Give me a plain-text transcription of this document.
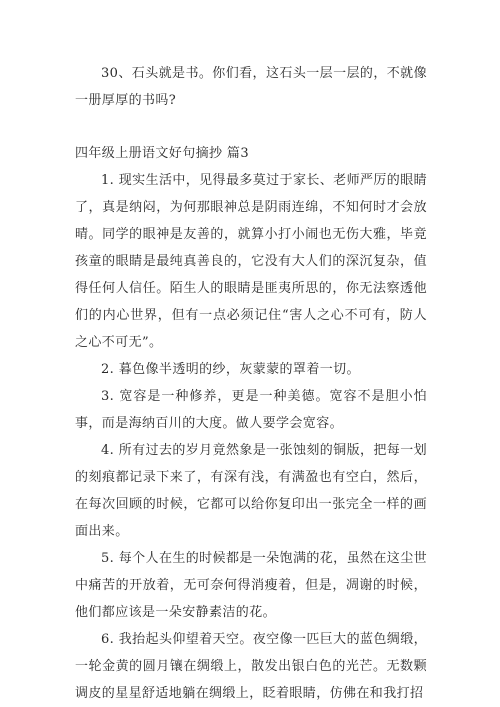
30、石头就是书。你们看，这石头一层一层的，不就像一册厚厚的书吗?

四年级上册语文好句摘抄 篇3

1. 现实生活中，见得最多莫过于家长、老师严厉的眼睛了，真是纳闷，为何那眼神总是阴雨连绵，不知何时才会放晴。同学的眼神是友善的，就算小打小闹也无伤大雅，毕竟孩童的眼睛是最纯真善良的，它没有大人们的深沉复杂，值得任何人信任。陌生人的眼睛是匪夷所思的，你无法察透他们的内心世界，但有一点必须记住“害人之心不可有，防人之心不可无”。

2. 暮色像半透明的纱，灰蒙蒙的罩着一切。

3. 宽容是一种修养，更是一种美德。宽容不是胆小怕事，而是海纳百川的大度。做人要学会宽容。

4. 所有过去的岁月竟然象是一张蚀刻的铜版，把每一划的刻痕都记录下来了，有深有浅，有满盈也有空白，然后，在每次回顾的时候，它都可以给你复印出一张完全一样的画面出来。

5. 每个人在生的时候都是一朵饱满的花，虽然在这尘世中痛苦的开放着，无可奈何得消瘦着，但是，凋谢的时候，他们都应该是一朵安静素洁的花。

6. 我抬起头仰望着天空。夜空像一匹巨大的蓝色绸缎，一轮金黄的圆月镶在绸缎上，散发出银白色的光芒。无数颗调皮的星星舒适地躺在绸缎上，眨着眼睛，仿佛在和我打招
